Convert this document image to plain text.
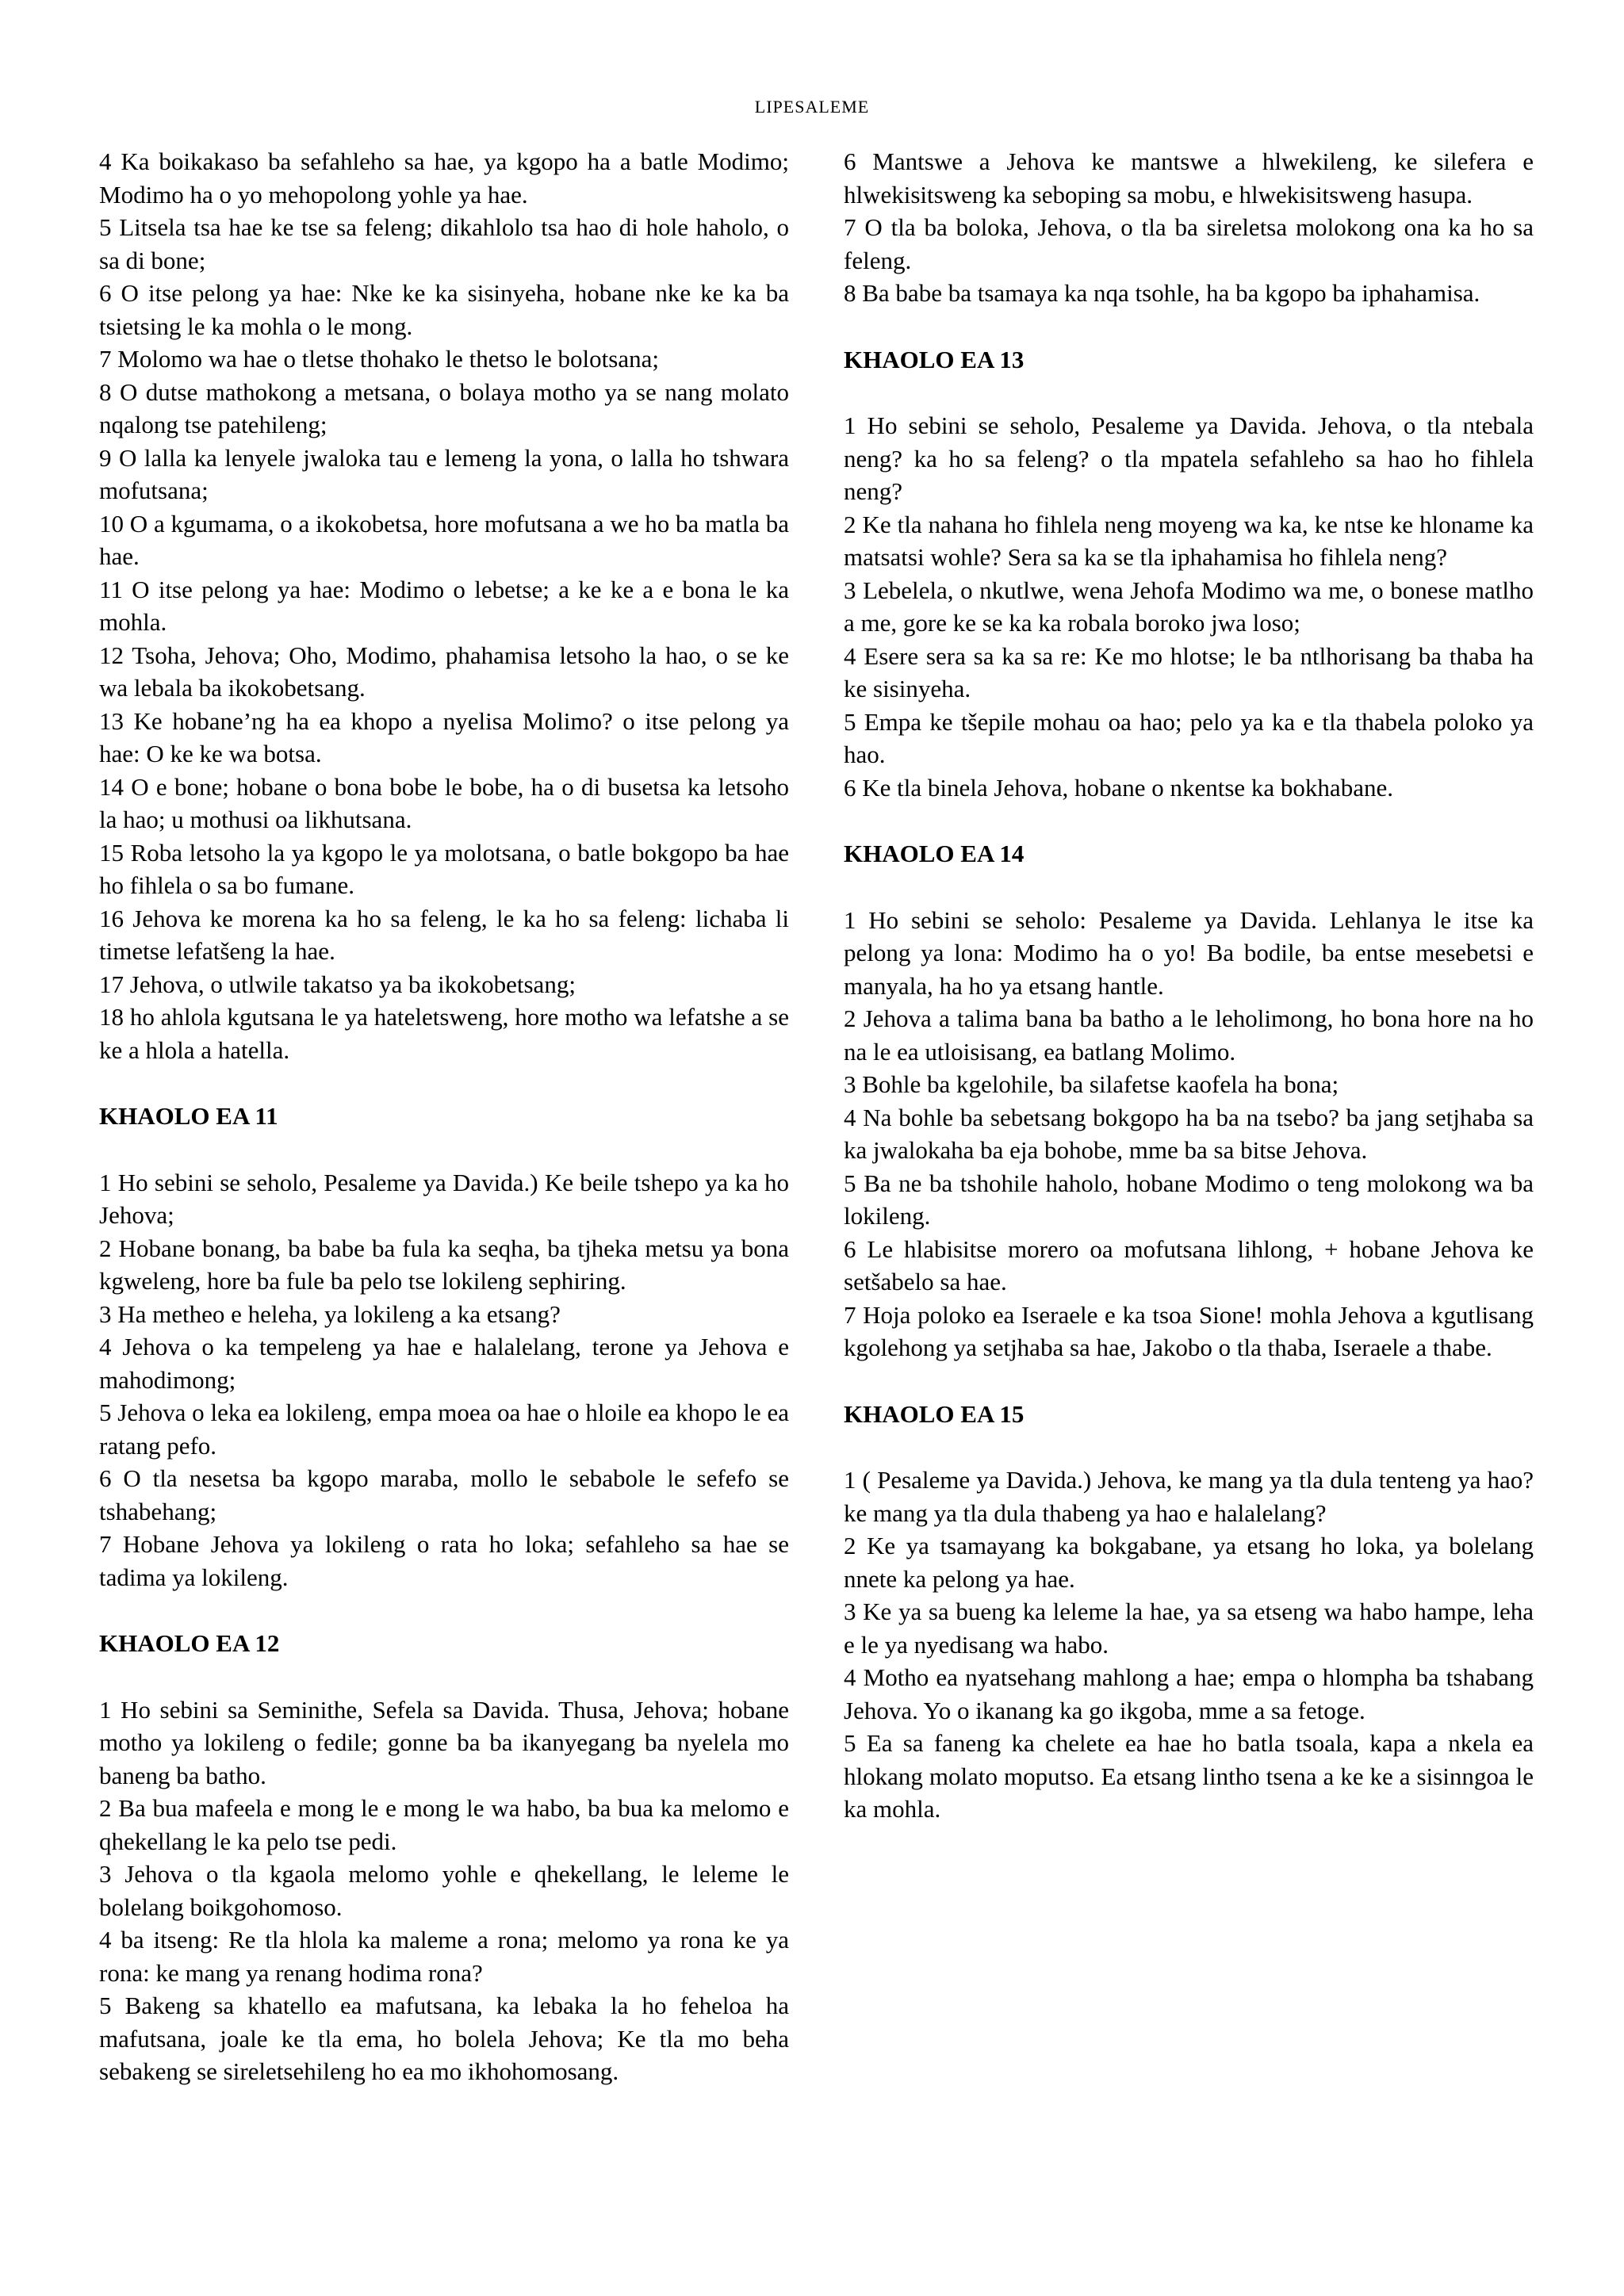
LIPESALEME

4 Ka boikakaso ba sefahleho sa hae, ya kgopo ha a batle Modimo; Modimo ha o yo mehopolong yohle ya hae.

5 Litsela tsa hae ke tse sa feleng; dikahlolo tsa hao di hole haholo, o sa di bone;

6 O itse pelong ya hae: Nke ke ka sisinyeha, hobane nke ke ka ba tsietsing le ka mohla o le mong.

7 Molomo wa hae o tletse thohako le thetso le bolotsana;

8 O dutse mathokong a metsana, o bolaya motho ya se nang molato nqalong tse patehileng;

9 O lalla ka lenyele jwaloka tau e lemeng la yona, o lalla ho tshwara mofutsana;

10 O a kgumama, o a ikokobetsa, hore mofutsana a we ho ba matla ba hae.

11 O itse pelong ya hae: Modimo o lebetse; a ke ke a e bona le ka mohla.

12 Tsoha, Jehova; Oho, Modimo, phahamisa letsoho la hao, o se ke wa lebala ba ikokobetsang.

13 Ke hobane’ng ha ea khopo a nyelisa Molimo? o itse pelong ya hae: O ke ke wa botsa.

14 O e bone; hobane o bona bobe le bobe, ha o di busetsa ka letsoho la hao; u mothusi oa likhutsana.

15 Roba letsoho la ya kgopo le ya molotsana, o batle bokgopo ba hae ho fihlela o sa bo fumane.

16 Jehova ke morena ka ho sa feleng, le ka ho sa feleng: lichaba li timetse lefatšeng la hae.

17 Jehova, o utlwile takatso ya ba ikokobetsang;

18 ho ahlola kgutsana le ya hateletsweng, hore motho wa lefatshe a se ke a hlola a hatella.

KHAOLO EA 11

1 Ho sebini se seholo, Pesaleme ya Davida.) Ke beile tshepo ya ka ho Jehova;

2 Hobane bonang, ba babe ba fula ka seqha, ba tjheka metsu ya bona kgweleng, hore ba fule ba pelo tse lokileng sephiring.

3 Ha metheo e heleha, ya lokileng a ka etsang?

4 Jehova o ka tempeleng ya hae e halalelang, terone ya Jehova e mahodimong;

5 Jehova o leka ea lokileng, empa moea oa hae o hloile ea khopo le ea ratang pefo.

6 O tla nesetsa ba kgopo maraba, mollo le sebabole le sefefo se tshabehang;

7 Hobane Jehova ya lokileng o rata ho loka; sefahleho sa hae se tadima ya lokileng.

KHAOLO EA 12

1 Ho sebini sa Seminithe, Sefela sa Davida. Thusa, Jehova; hobane motho ya lokileng o fedile; gonne ba ba ikanyegang ba nyelela mo baneng ba batho.

2 Ba bua mafeela e mong le e mong le wa habo, ba bua ka melomo e qhekellang le ka pelo tse pedi.

3 Jehova o tla kgaola melomo yohle e qhekellang, le leleme le bolelang boikgohomoso.

4 ba itseng: Re tla hlola ka maleme a rona; melomo ya rona ke ya rona: ke mang ya renang hodima rona?

5 Bakeng sa khatello ea mafutsana, ka lebaka la ho feheloa ha mafutsana, joale ke tla ema, ho bolela Jehova; Ke tla mo beha sebakeng se sireletsehileng ho ea mo ikhohomosang.

6 Mantswe a Jehova ke mantswe a hlwekileng, ke silefera e hlwekisitsweng ka seboping sa mobu, e hlwekisitsweng hasupa.

7 O tla ba boloka, Jehova, o tla ba sireletsa molokong ona ka ho sa feleng.

8 Ba babe ba tsamaya ka nqa tsohle, ha ba kgopo ba iphahamisa.

KHAOLO EA 13

1 Ho sebini se seholo, Pesaleme ya Davida. Jehova, o tla ntebala neng? ka ho sa feleng? o tla mpatela sefahleho sa hao ho fihlela neng?

2 Ke tla nahana ho fihlela neng moyeng wa ka, ke ntse ke hloname ka matsatsi wohle? Sera sa ka se tla iphahamisa ho fihlela neng?

3 Lebelela, o nkutlwe, wena Jehofa Modimo wa me, o bonese matlho a me, gore ke se ka ka robala boroko jwa loso;

4 Esere sera sa ka sa re: Ke mo hlotse; le ba ntlhorisang ba thaba ha ke sisinyeha.

5 Empa ke tšepile mohau oa hao; pelo ya ka e tla thabela poloko ya hao.

6 Ke tla binela Jehova, hobane o nkentse ka bokhabane.

KHAOLO EA 14

1 Ho sebini se seholo: Pesaleme ya Davida. Lehlanya le itse ka pelong ya lona: Modimo ha o yo! Ba bodile, ba entse mesebetsi e manyala, ha ho ya etsang hantle.

2 Jehova a talima bana ba batho a le leholimong, ho bona hore na ho na le ea utloisisang, ea batlang Molimo.

3 Bohle ba kgelohile, ba silafetse kaofela ha bona;

4 Na bohle ba sebetsang bokgopo ha ba na tsebo? ba jang setjhaba sa ka jwalokaha ba eja bohobe, mme ba sa bitse Jehova.

5 Ba ne ba tshohile haholo, hobane Modimo o teng molokong wa ba lokileng.

6 Le hlabisitse morero oa mofutsana lihlong, + hobane Jehova ke setšabelo sa hae.

7 Hoja poloko ea Iseraele e ka tsoa Sione! mohla Jehova a kgutlisang kgolehong ya setjhaba sa hae, Jakobo o tla thaba, Iseraele a thabe.

KHAOLO EA 15

1 ( Pesaleme ya Davida.) Jehova, ke mang ya tla dula tenteng ya hao? ke mang ya tla dula thabeng ya hao e halalelang?

2 Ke ya tsamayang ka bokgabane, ya etsang ho loka, ya bolelang nnete ka pelong ya hae.

3 Ke ya sa bueng ka leleme la hae, ya sa etseng wa habo hampe, leha e le ya nyedisang wa habo.

4 Motho ea nyatsehang mahlong a hae; empa o hlompha ba tshabang Jehova. Yo o ikanang ka go ikgoba, mme a sa fetoge.

5 Ea sa faneng ka chelete ea hae ho batla tsoala, kapa a nkela ea hlokang molato moputso. Ea etsang lintho tsena a ke ke a sisinngoa le ka mohla.
